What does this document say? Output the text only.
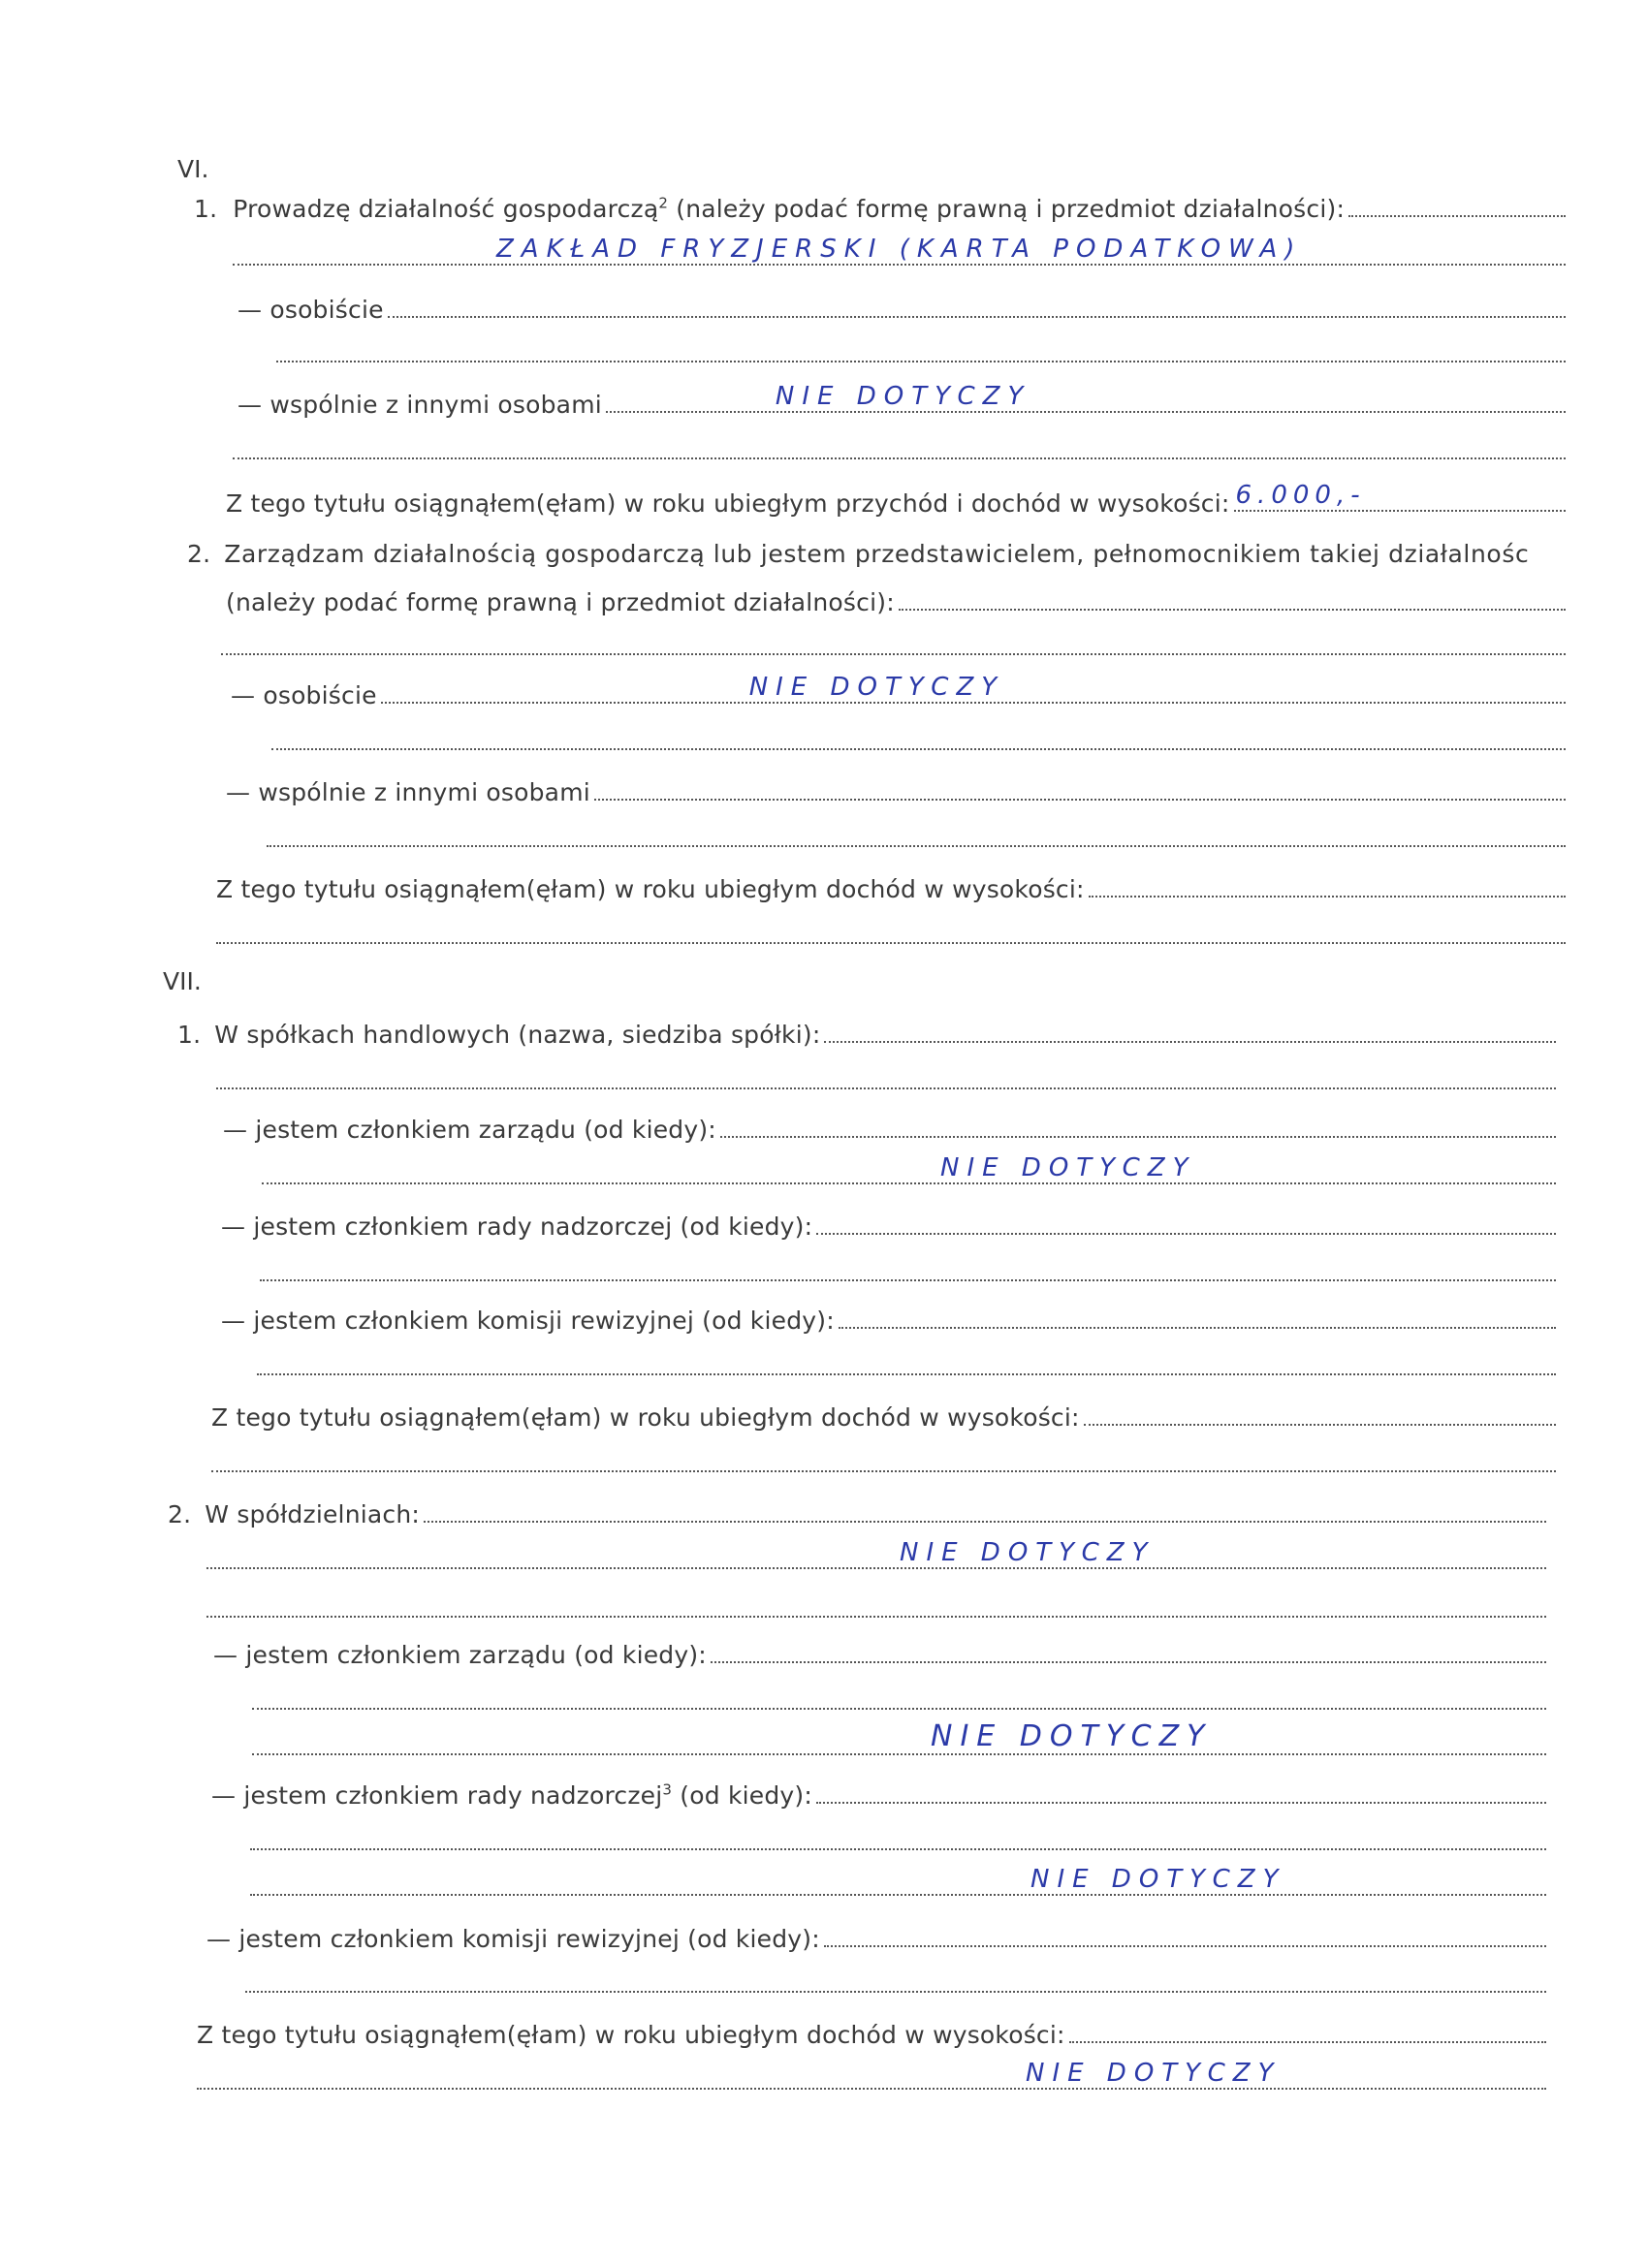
VI.
1. Prowadzę działalność gospodarczą$^2$ (należy podać formę prawną i przedmiot działalności):
ZAKŁAD FRYZJERSKI (KARTA PODATKOWA)
— osobiście
— wspólnie z innymi osobami	NIE DOTYCZY
Z tego tytułu osiągnąłem(ęłam) w roku ubiegłym przychód i dochód w wysokości: 6.000,-
2. Zarządzam działalnością gospodarczą lub jestem przedstawicielem, pełnomocnikiem takiej działalnośc
(należy podać formę prawną i przedmiot działalności):
— osobiście	NIE DOTYCZY
— wspólnie z innymi osobami
Z tego tytułu osiągnąłem(ęłam) w roku ubiegłym dochód w wysokości:
VII.
1. W spółkach handlowych (nazwa, siedziba spółki):
— jestem członkiem zarządu (od kiedy):
NIE DOTYCZY
— jestem członkiem rady nadzorczej (od kiedy):
— jestem członkiem komisji rewizyjnej (od kiedy):
Z tego tytułu osiągnąłem(ęłam) w roku ubiegłym dochód w wysokości:
2. W spółdzielniach:
NIE DOTYCZY
— jestem członkiem zarządu (od kiedy):
NIE DOTYCZY
— jestem członkiem rady nadzorczej$^3$ (od kiedy):
NIE DOTYCZY
— jestem członkiem komisji rewizyjnej (od kiedy):
Z tego tytułu osiągnąłem(ęłam) w roku ubiegłym dochód w wysokości:
NIE DOTYCZY
